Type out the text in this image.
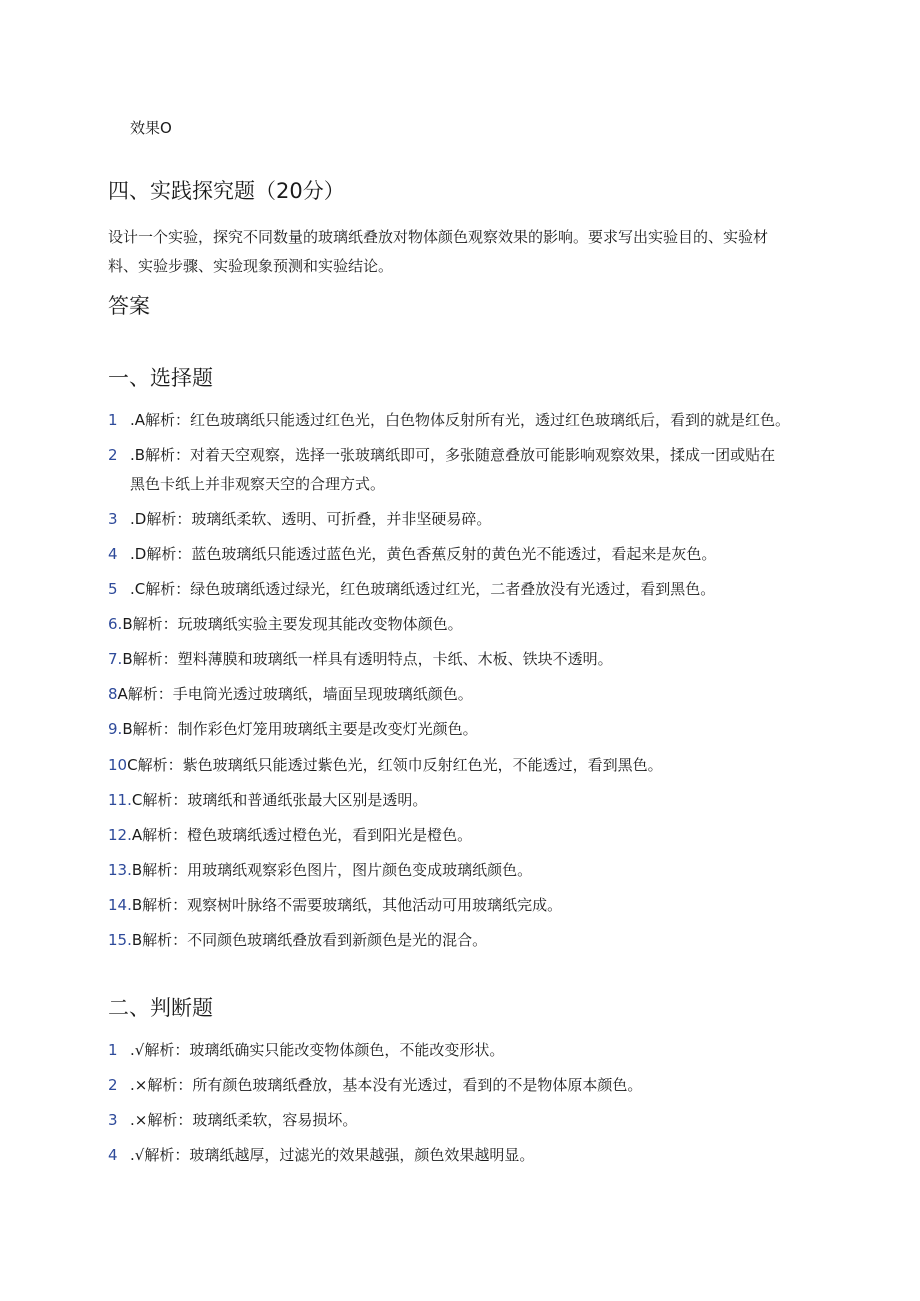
效果O
四、实践探究题（20分）
设计一个实验，探究不同数量的玻璃纸叠放对物体颜色观察效果的影响。要求写出实验目的、实验材
料、实验步骤、实验现象预测和实验结论。
答案
一、选择题
1 .A解析：红色玻璃纸只能透过红色光，白色物体反射所有光，透过红色玻璃纸后，看到的就是红色。
2 .B解析：对着天空观察，选择一张玻璃纸即可，多张随意叠放可能影响观察效果，揉成一团或贴在
黑色卡纸上并非观察天空的合理方式。
3 .D解析：玻璃纸柔软、透明、可折叠，并非坚硬易碎。
4 .D解析：蓝色玻璃纸只能透过蓝色光，黄色香蕉反射的黄色光不能透过，看起来是灰色。
5 .C解析：绿色玻璃纸透过绿光，红色玻璃纸透过红光，二者叠放没有光透过，看到黑色。
6.B解析：玩玻璃纸实验主要发现其能改变物体颜色。
7.B解析：塑料薄膜和玻璃纸一样具有透明特点，卡纸、木板、铁块不透明。
8A解析：手电筒光透过玻璃纸，墙面呈现玻璃纸颜色。
9.B解析：制作彩色灯笼用玻璃纸主要是改变灯光颜色。
10C解析：紫色玻璃纸只能透过紫色光，红领巾反射红色光，不能透过，看到黑色。
11.C解析：玻璃纸和普通纸张最大区别是透明。
12.A解析：橙色玻璃纸透过橙色光，看到阳光是橙色。
13.B解析：用玻璃纸观察彩色图片，图片颜色变成玻璃纸颜色。
14.B解析：观察树叶脉络不需要玻璃纸，其他活动可用玻璃纸完成。
15.B解析：不同颜色玻璃纸叠放看到新颜色是光的混合。
二、判断题
1 .√解析：玻璃纸确实只能改变物体颜色，不能改变形状。
2 .×解析：所有颜色玻璃纸叠放，基本没有光透过，看到的不是物体原本颜色。
3 .×解析：玻璃纸柔软，容易损坏。
4 .√解析：玻璃纸越厚，过滤光的效果越强，颜色效果越明显。
